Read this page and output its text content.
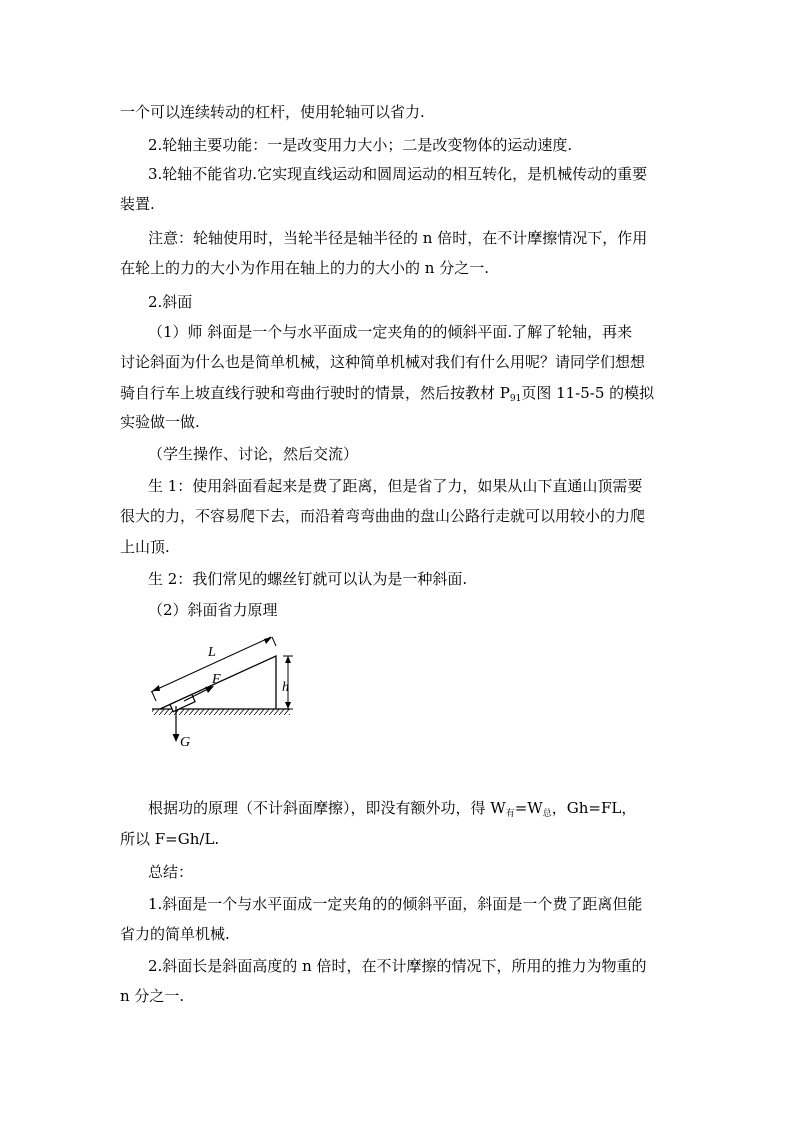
一个可以连续转动的杠杆，使用轮轴可以省力.
2.轮轴主要功能：一是改变用力大小；二是改变物体的运动速度.
3.轮轴不能省功.它实现直线运动和圆周运动的相互转化，是机械传动的重要
装置.
注意：轮轴使用时，当轮半径是轴半径的 n 倍时，在不计摩擦情况下，作用
在轮上的力的大小为作用在轴上的力的大小的 n 分之一.
2.斜面
（1）师 斜面是一个与水平面成一定夹角的的倾斜平面.了解了轮轴，再来
讨论斜面为什么也是简单机械，这种简单机械对我们有什么用呢？请同学们想想
骑自行车上坡直线行驶和弯曲行驶时的情景，然后按教材 $P_{91}$页图 11-5-5 的模拟
实验做一做.
（学生操作、讨论，然后交流）
生 1：使用斜面看起来是费了距离，但是省了力，如果从山下直通山顶需要
很大的力，不容易爬下去，而沿着弯弯曲曲的盘山公路行走就可以用较小的力爬
上山顶.
生 2：我们常见的螺丝钉就可以认为是一种斜面.
（2）斜面省力原理
L
F
h
G
根据功的原理（不计斜面摩擦），即没有额外功，得 $W_有=W_总$，Gh=FL，
所以 F=Gh/L.
总结：
1.斜面是一个与水平面成一定夹角的的倾斜平面，斜面是一个费了距离但能
省力的简单机械.
2.斜面长是斜面高度的 n 倍时，在不计摩擦的情况下，所用的推力为物重的
n 分之一.
